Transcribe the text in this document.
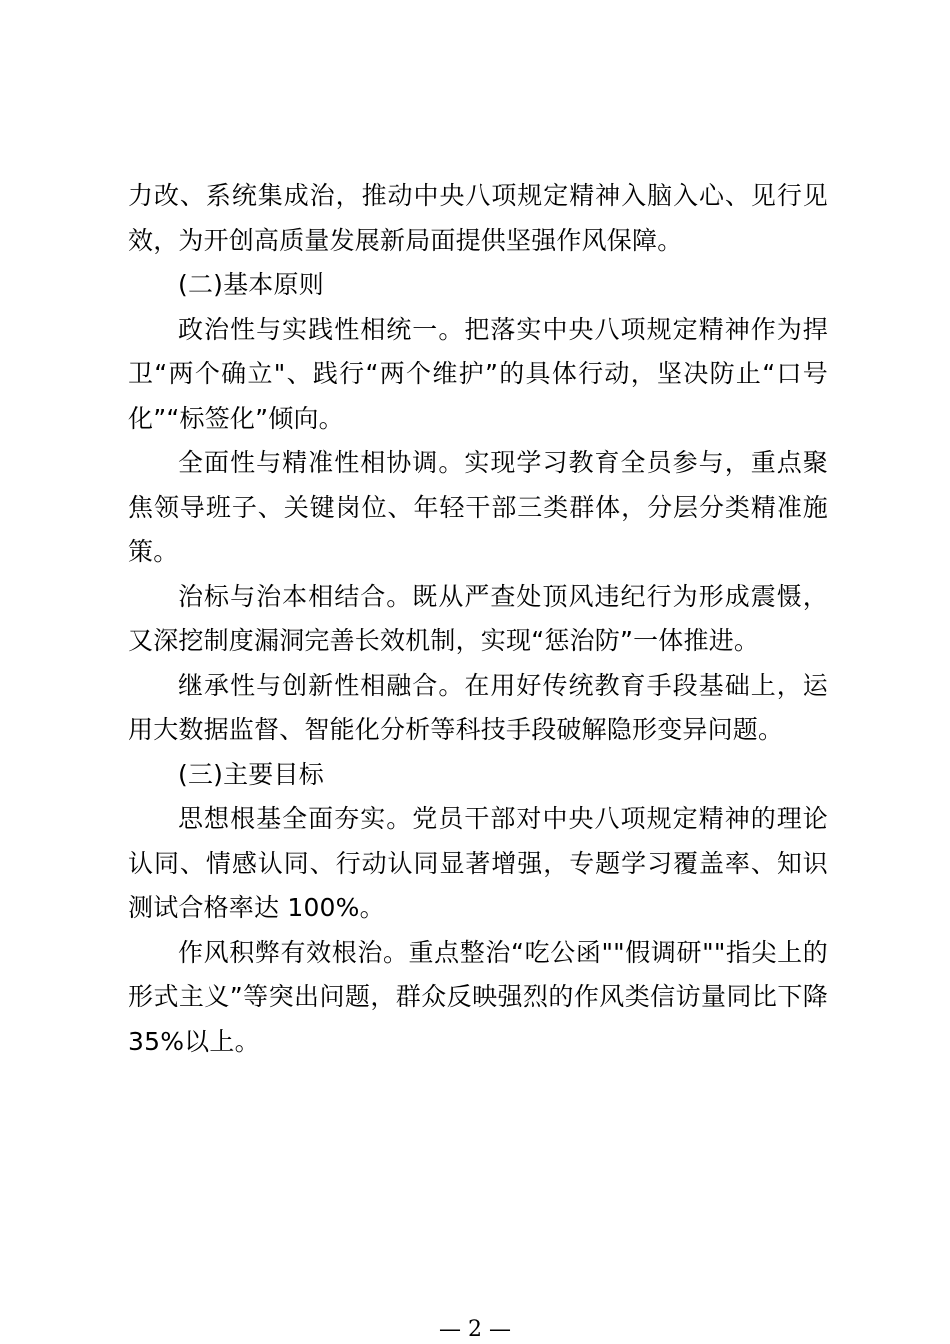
力改、系统集成治，推动中央八项规定精神入脑入心、见行见效，为开创高质量发展新局面提供坚强作风保障。

(二)基本原则

政治性与实践性相统一。把落实中央八项规定精神作为捍卫“两个确立"、践行“两个维护”的具体行动，坚决防止“口号化”“标签化”倾向。

全面性与精准性相协调。实现学习教育全员参与，重点聚焦领导班子、关键岗位、年轻干部三类群体，分层分类精准施策。

治标与治本相结合。既从严查处顶风违纪行为形成震慑，又深挖制度漏洞完善长效机制，实现“惩治防”一体推进。

继承性与创新性相融合。在用好传统教育手段基础上，运用大数据监督、智能化分析等科技手段破解隐形变异问题。

(三)主要目标

思想根基全面夯实。党员干部对中央八项规定精神的理论认同、情感认同、行动认同显著增强，专题学习覆盖率、知识测试合格率达 100%。

作风积弊有效根治。重点整治“吃公函""假调研""指尖上的形式主义”等突出问题，群众反映强烈的作风类信访量同比下降35%以上。

— 2 —
